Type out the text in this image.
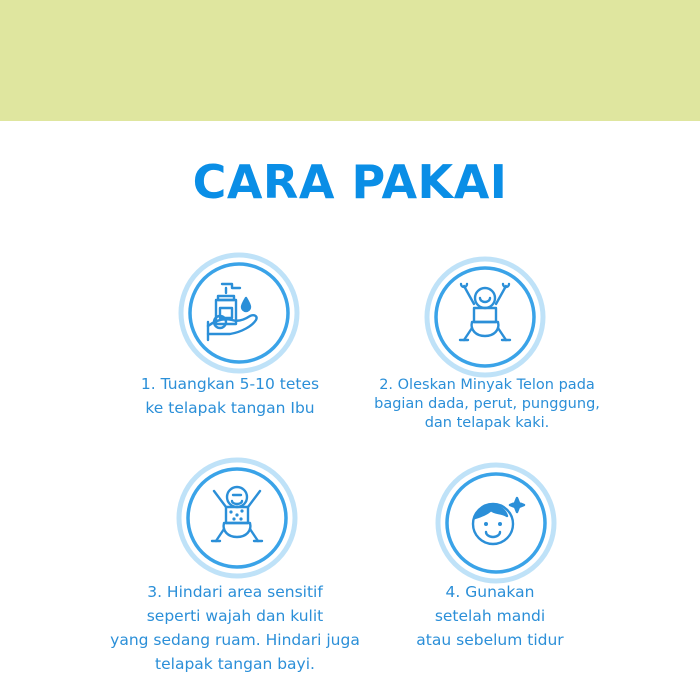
CARA PAKAI
1. Tuangkan 5-10 tetes
ke telapak tangan Ibu
2. Oleskan Minyak Telon pada
bagian dada, perut, punggung,
dan telapak kaki.
3. Hindari area sensitif
seperti wajah dan kulit
yang sedang ruam. Hindari juga
telapak tangan bayi.
4. Gunakan
setelah mandi
atau sebelum tidur
